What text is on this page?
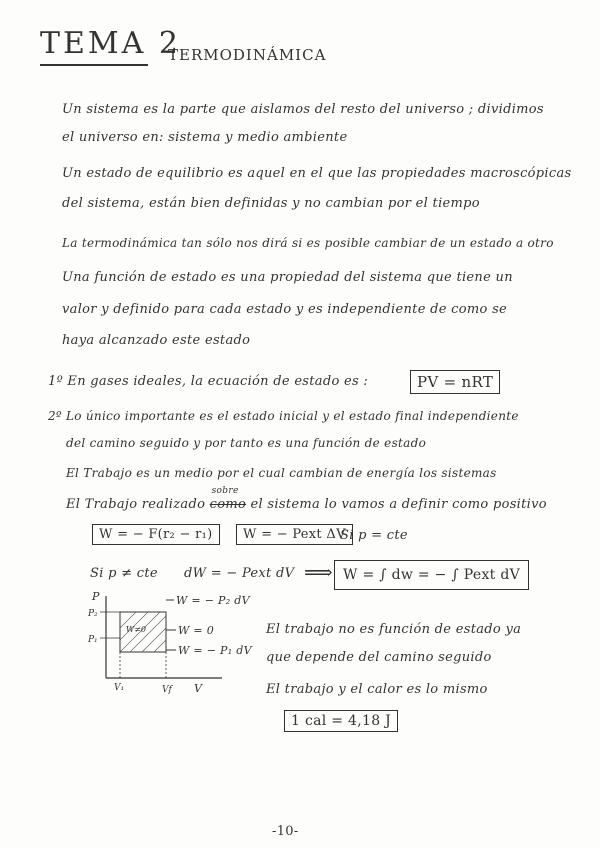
TEMA 2
TERMODINÁMICA
Un sistema es la parte que aislamos del resto del universo ; dividimos
el universo en: sistema y medio ambiente
Un estado de equilibrio es aquel en el que las propiedades macroscópicas
del sistema, están bien definidas y no cambian por el tiempo
La termodinámica tan sólo nos dirá si es posible cambiar de un estado a otro
Una función de estado es una propiedad del sistema que tiene un
valor y definido para cada estado y es independiente de como se
haya alcanzado este estado
1º En gases ideales, la ecuación de estado es :	PV = nRT
2º Lo único importante es el estado inicial y el estado final independiente
del camino seguido y por tanto es una función de estado
El Trabajo es un medio por el cual cambian de energía los sistemas
El Trabajo realizado
sobre
como el sistema lo vamos a definir como positivo
W = − F(r₂ − r₁)	W = − Pext ΔV
Si p = cte
Si p ≠ cte dW = − Pext dV ⟹ W = ∫ dw = − ∫ Pext dV
P
V
P₂
P₁
V₁	Vf
W≠0
W = − P₂ dV
W = 0
W = − P₁ dV
El trabajo no es función de estado ya
que depende del camino seguido
El trabajo y el calor es lo mismo
1 cal = 4,18 J
-10-
